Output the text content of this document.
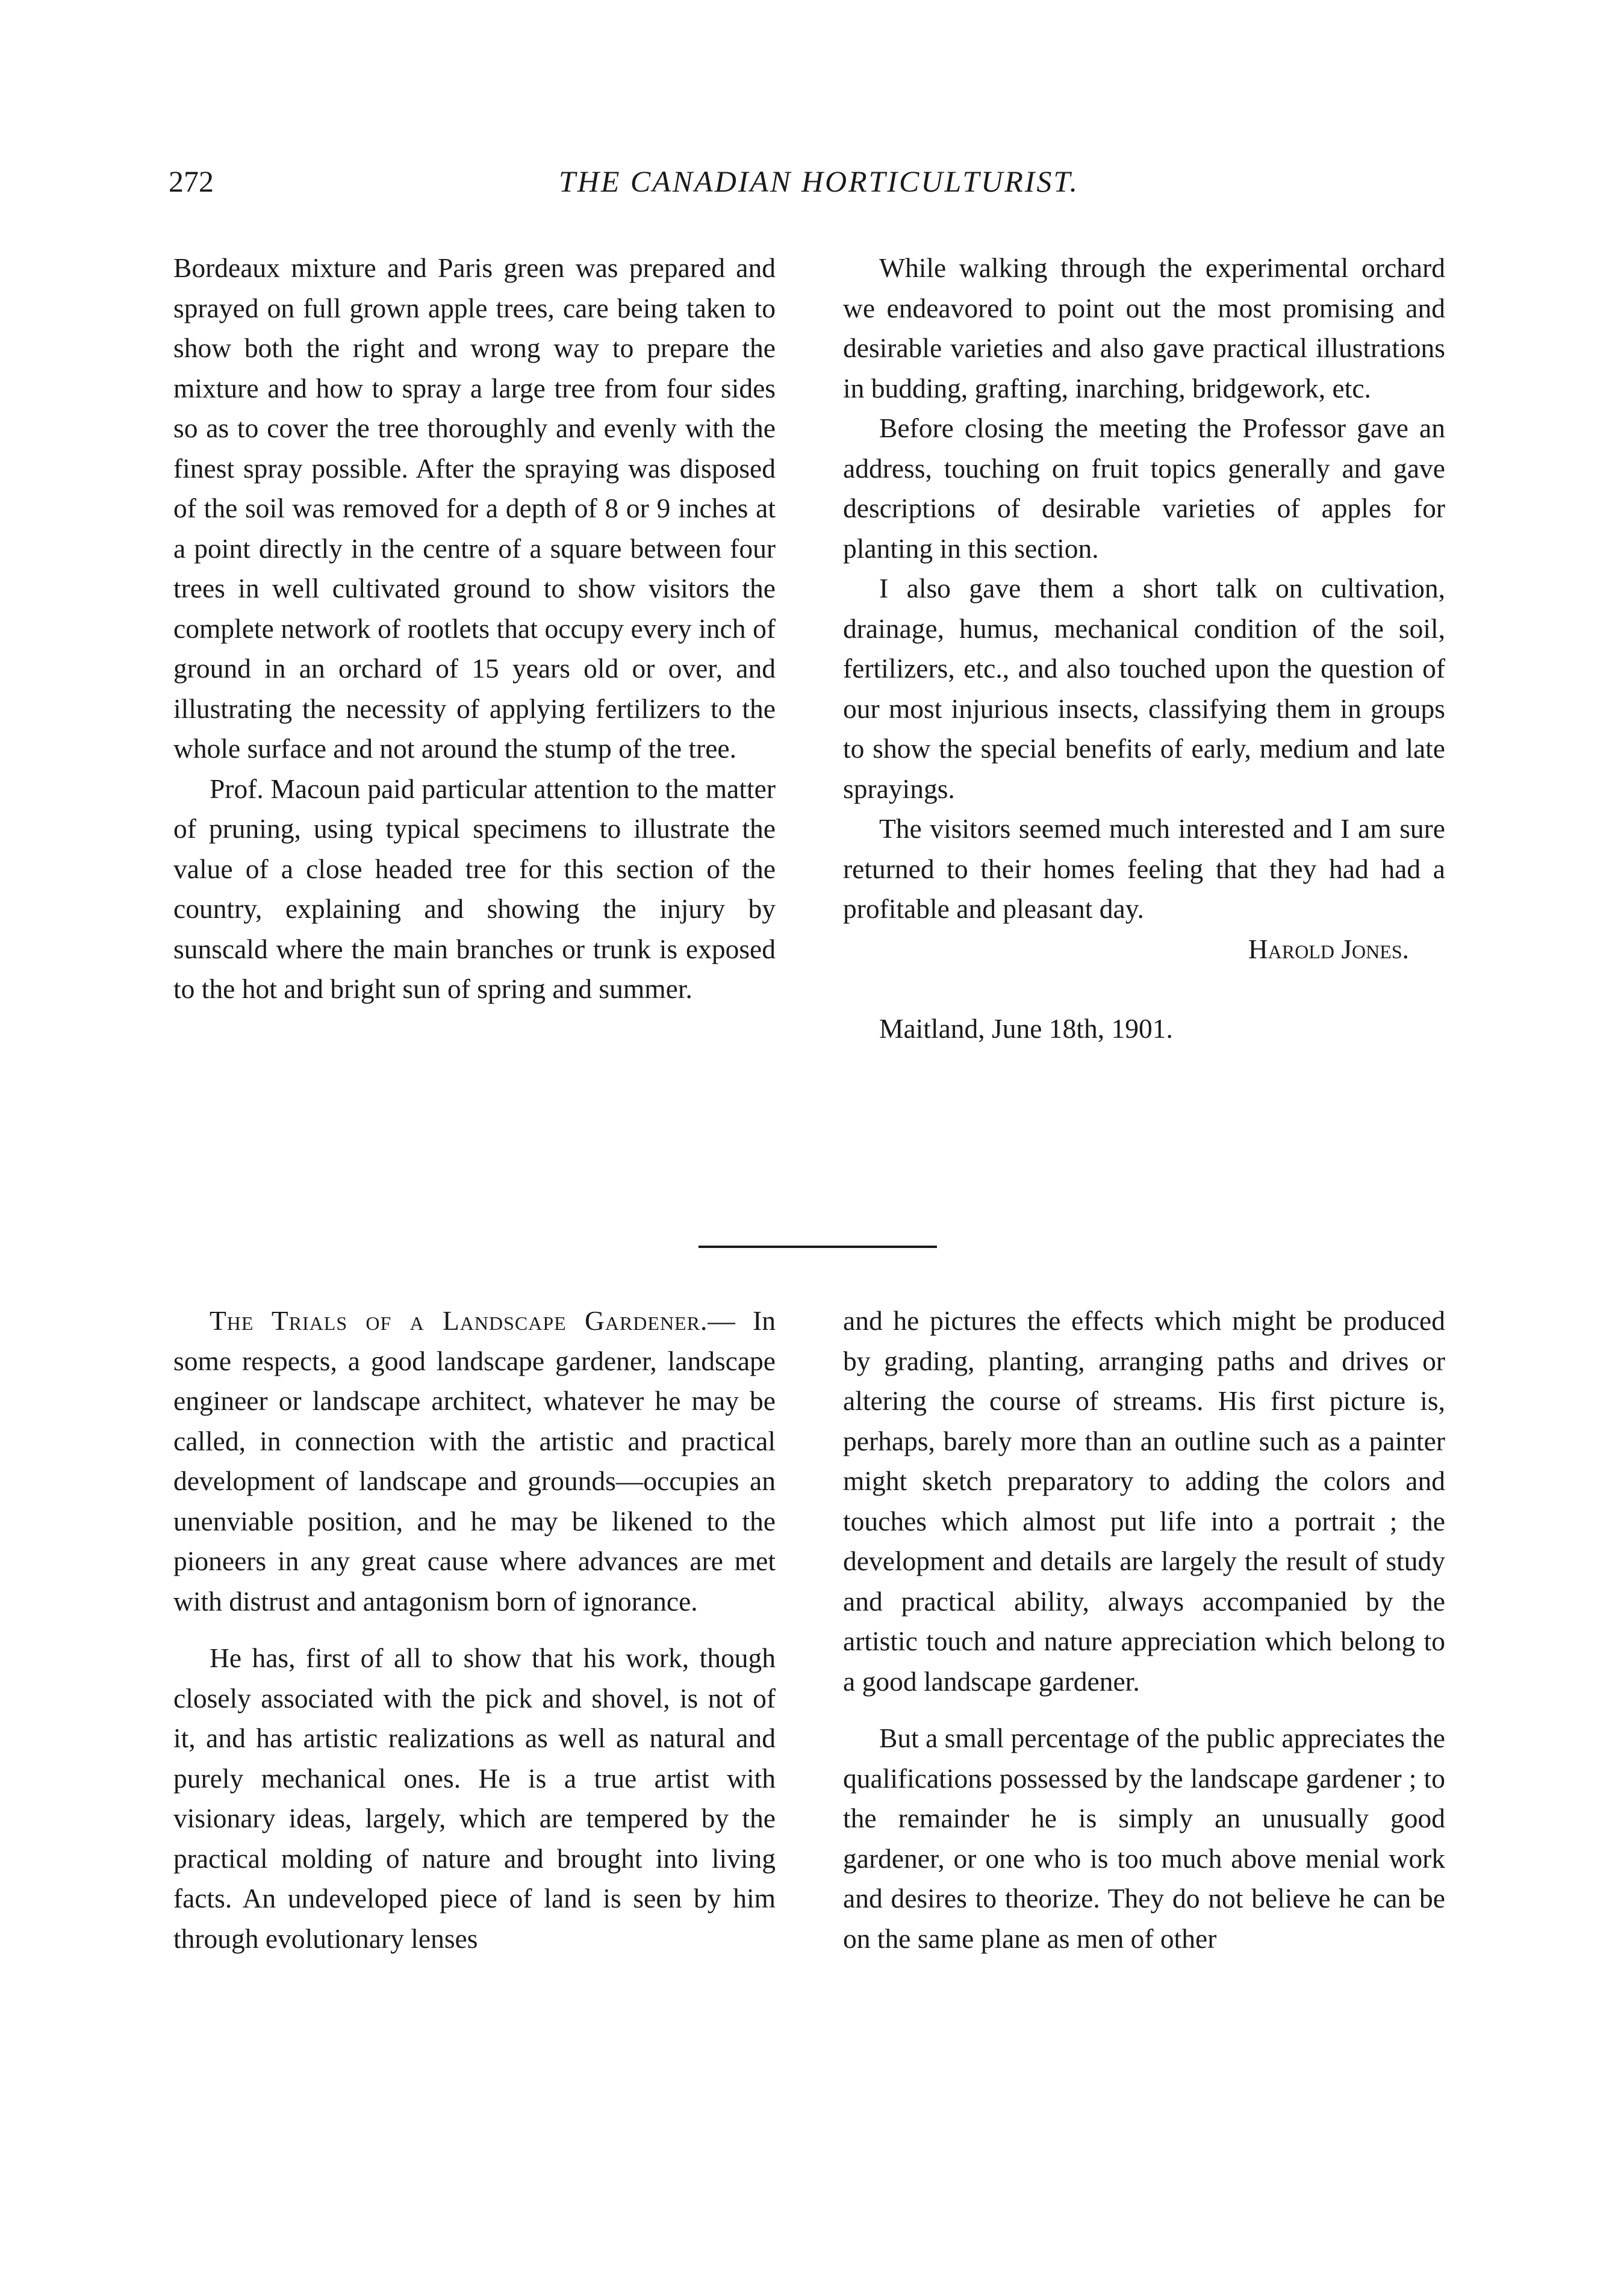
272	THE CANADIAN HORTICULTURIST.

Bordeaux mixture and Paris green was prepared and sprayed on full grown apple trees, care being taken to show both the right and wrong way to prepare the mixture and how to spray a large tree from four sides so as to cover the tree thoroughly and evenly with the finest spray possible. After the spraying was disposed of the soil was removed for a depth of 8 or 9 inches at a point directly in the centre of a square between four trees in well cultivated ground to show visitors the complete network of rootlets that occupy every inch of ground in an orchard of 15 years old or over, and illustrating the necessity of applying fertilizers to the whole surface and not around the stump of the tree.

Prof. Macoun paid particular attention to the matter of pruning, using typical specimens to illustrate the value of a close headed tree for this section of the country, explaining and showing the injury by sunscald where the main branches or trunk is exposed to the hot and bright sun of spring and summer.

While walking through the experimental orchard we endeavored to point out the most promising and desirable varieties and also gave practical illustrations in budding, grafting, inarching, bridgework, etc.

Before closing the meeting the Professor gave an address, touching on fruit topics generally and gave descriptions of desirable varieties of apples for planting in this section.

I also gave them a short talk on cultivation, drainage, humus, mechanical condition of the soil, fertilizers, etc., and also touched upon the question of our most injurious insects, classifying them in groups to show the special benefits of early, medium and late sprayings.

The visitors seemed much interested and I am sure returned to their homes feeling that they had had a profitable and pleasant day.

Harold Jones.

Maitland, June 18th, 1901.

The Trials of a Landscape Gardener.— In some respects, a good landscape gardener, landscape engineer or landscape architect, whatever he may be called, in connection with the artistic and practical development of landscape and grounds—occupies an unenviable position, and he may be likened to the pioneers in any great cause where advances are met with distrust and antagonism born of ignorance.

He has, first of all to show that his work, though closely associated with the pick and shovel, is not of it, and has artistic realizations as well as natural and purely mechanical ones. He is a true artist with visionary ideas, largely, which are tempered by the practical molding of nature and brought into living facts. An undeveloped piece of land is seen by him through evolutionary lenses

and he pictures the effects which might be produced by grading, planting, arranging paths and drives or altering the course of streams. His first picture is, perhaps, barely more than an outline such as a painter might sketch preparatory to adding the colors and touches which almost put life into a portrait ; the development and details are largely the result of study and practical ability, always accompanied by the artistic touch and nature appreciation which belong to a good landscape gardener.

But a small percentage of the public appreciates the qualifications possessed by the landscape gardener ; to the remainder he is simply an unusually good gardener, or one who is too much above menial work and desires to theorize. They do not believe he can be on the same plane as men of other
